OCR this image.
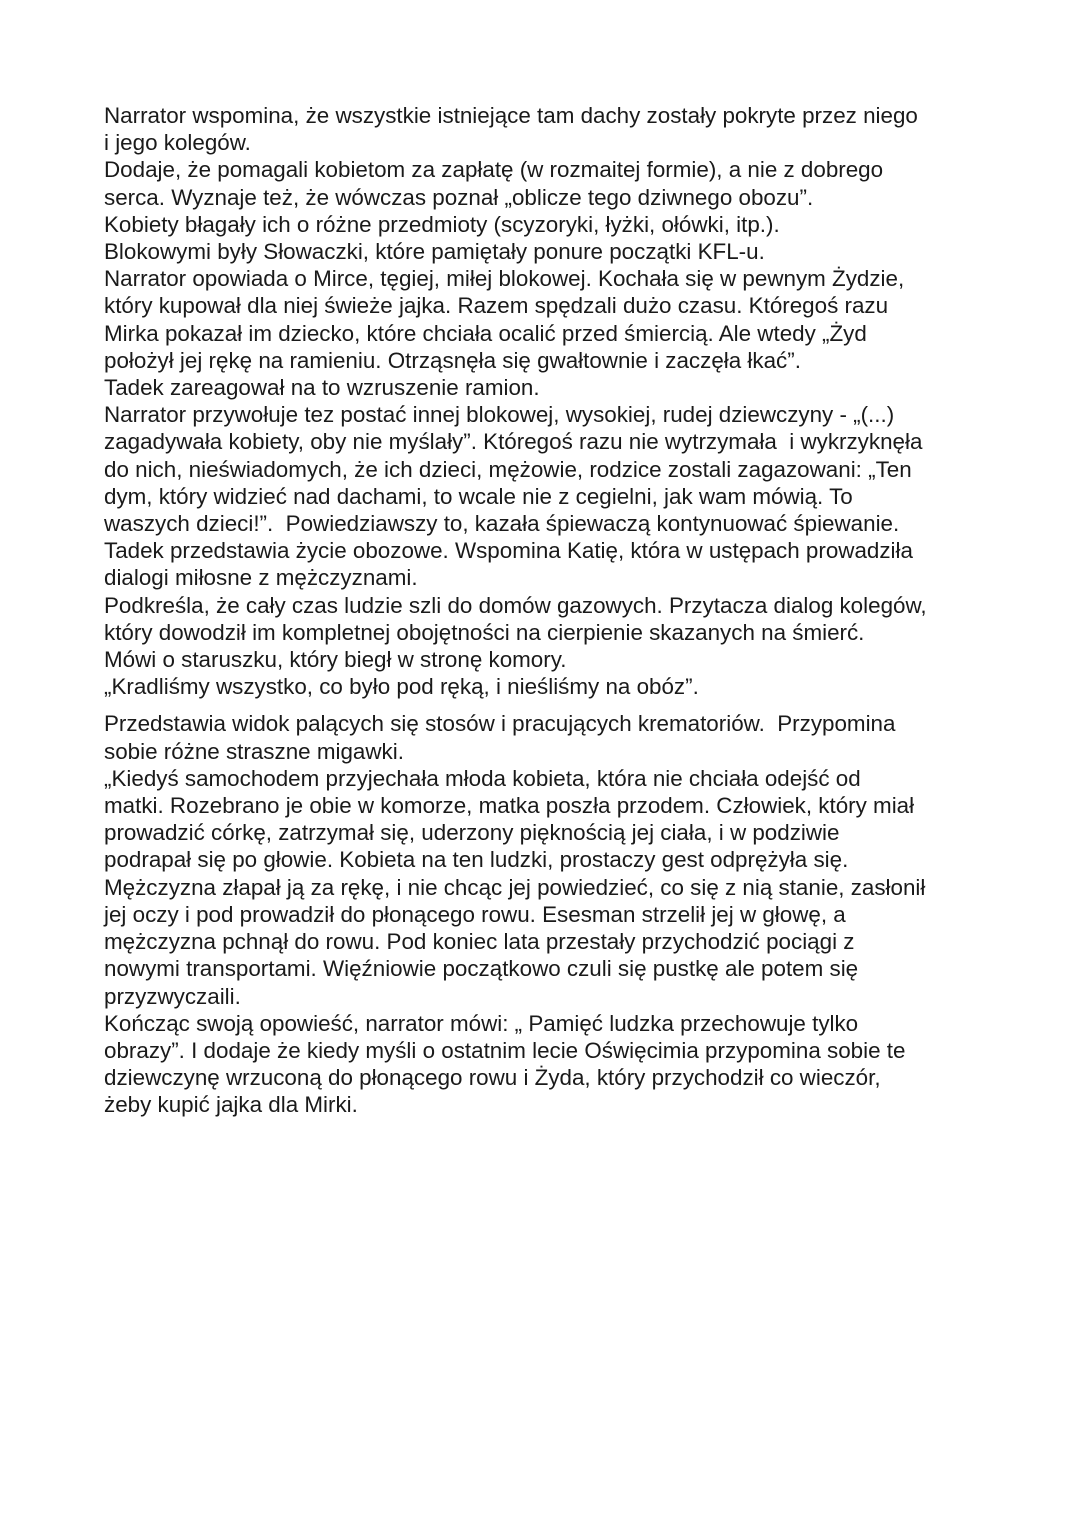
Narrator wspomina, że wszystkie istniejące tam dachy zostały pokryte przez niego
i jego kolegów.

Dodaje, że pomagali kobietom za zapłatę (w rozmaitej formie), a nie z dobrego
serca. Wyznaje też, że wówczas poznał „oblicze tego dziwnego obozu”.

Kobiety błagały ich o różne przedmioty (scyzoryki, łyżki, ołówki, itp.).

Blokowymi były Słowaczki, które pamiętały ponure początki KFL-u.

Narrator opowiada o Mirce, tęgiej, miłej blokowej. Kochała się w pewnym Żydzie,
który kupował dla niej świeże jajka. Razem spędzali dużo czasu. Któregoś razu
Mirka pokazał im dziecko, które chciała ocalić przed śmiercią. Ale wtedy „Żyd
położył jej rękę na ramieniu. Otrząsnęła się gwałtownie i zaczęła łkać”.

Tadek zareagował na to wzruszenie ramion.

Narrator przywołuje tez postać innej blokowej, wysokiej, rudej dziewczyny - „(...)
zagadywała kobiety, oby nie myślały”. Któregoś razu nie wytrzymała  i wykrzyknęła
do nich, nieświadomych, że ich dzieci, mężowie, rodzice zostali zagazowani: „Ten
dym, który widzieć nad dachami, to wcale nie z cegielni, jak wam mówią. To
waszych dzieci!”.  Powiedziawszy to, kazała śpiewaczą kontynuować śpiewanie.

Tadek przedstawia życie obozowe. Wspomina Katię, która w ustępach prowadziła
dialogi miłosne z mężczyznami.

Podkreśla, że cały czas ludzie szli do domów gazowych. Przytacza dialog kolegów,
który dowodził im kompletnej obojętności na cierpienie skazanych na śmierć.

Mówi o staruszku, który biegł w stronę komory.

„Kradliśmy wszystko, co było pod ręką, i nieśliśmy na obóz”.

Przedstawia widok palących się stosów i pracujących krematoriów.  Przypomina
sobie różne straszne migawki.

„Kiedyś samochodem przyjechała młoda kobieta, która nie chciała odejść od
matki. Rozebrano je obie w komorze, matka poszła przodem. Człowiek, który miał
prowadzić córkę, zatrzymał się, uderzony pięknością jej ciała, i w podziwie
podrapał się po głowie. Kobieta na ten ludzki, prostaczy gest odprężyła się.
Mężczyzna złapał ją za rękę, i nie chcąc jej powiedzieć, co się z nią stanie, zasłonił
jej oczy i pod prowadził do płonącego rowu. Esesman strzelił jej w głowę, a
mężczyzna pchnął do rowu. Pod koniec lata przestały przychodzić pociągi z
nowymi transportami. Więźniowie początkowo czuli się pustkę ale potem się
przyzwyczaili.

Kończąc swoją opowieść, narrator mówi: „ Pamięć ludzka przechowuje tylko
obrazy”. I dodaje że kiedy myśli o ostatnim lecie Oświęcimia przypomina sobie te
dziewczynę wrzuconą do płonącego rowu i Żyda, który przychodził co wieczór,
żeby kupić jajka dla Mirki.
